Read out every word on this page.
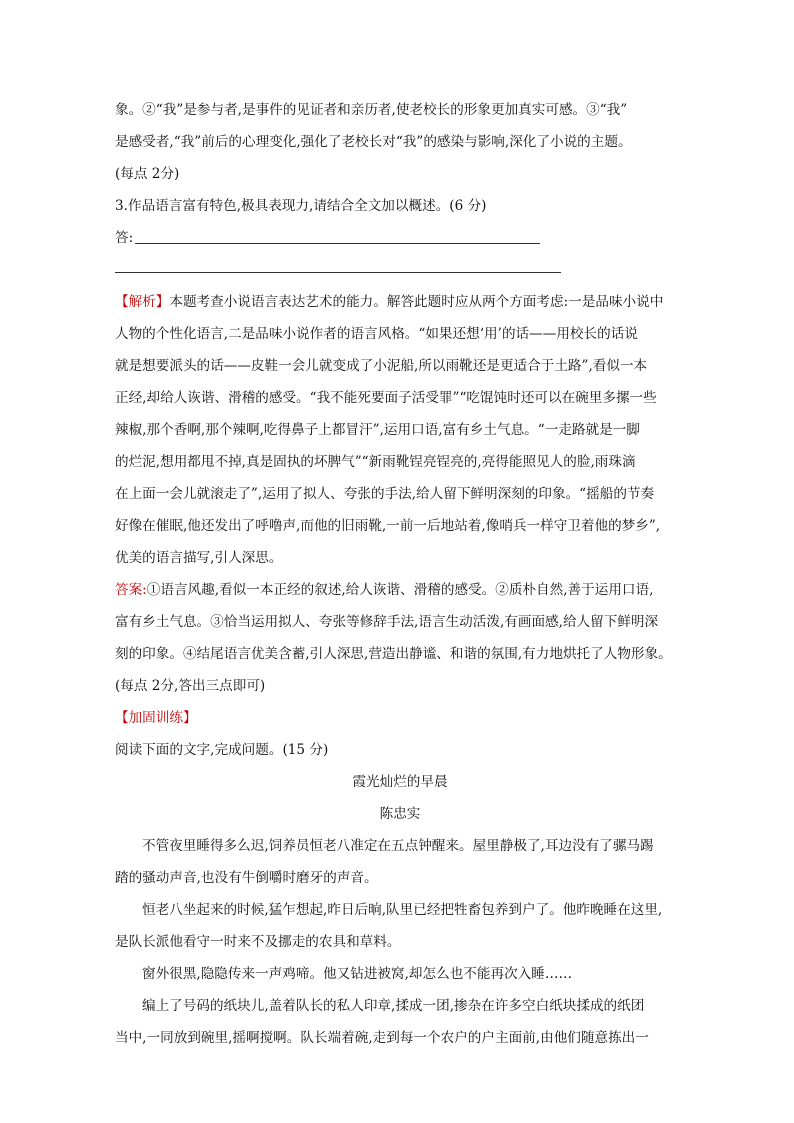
象。②“我”是参与者,是事件的见证者和亲历者,使老校长的形象更加真实可感。③“我”
是感受者,“我”前后的心理变化,强化了老校长对“我”的感染与影响,深化了小说的主题。
(每点 2分)
3.作品语言富有特色,极具表现力,请结合全文加以概述。(6 分)
答:
【解析】本题考查小说语言表达艺术的能力。解答此题时应从两个方面考虑:一是品味小说中
人物的个性化语言,二是品味小说作者的语言风格。“如果还想‘用’的话——用校长的话说
就是想要派头的话——皮鞋一会儿就变成了小泥船,所以雨靴还是更适合于土路”,看似一本
正经,却给人诙谐、滑稽的感受。“我不能死要面子活受罪”“吃馄饨时还可以在碗里多摞一些
辣椒,那个香啊,那个辣啊,吃得鼻子上都冒汗”,运用口语,富有乡土气息。“一走路就是一脚
的烂泥,想用都甩不掉,真是固执的坏脾气”“新雨靴锃亮锃亮的,亮得能照见人的脸,雨珠滴
在上面一会儿就滚走了”,运用了拟人、夸张的手法,给人留下鲜明深刻的印象。“摇船的节奏
好像在催眠,他还发出了呼噜声,而他的旧雨靴,一前一后地站着,像哨兵一样守卫着他的梦乡”,
优美的语言描写,引人深思。
答案:①语言风趣,看似一本正经的叙述,给人诙谐、滑稽的感受。②质朴自然,善于运用口语,
富有乡土气息。③恰当运用拟人、夸张等修辞手法,语言生动活泼,有画面感,给人留下鲜明深
刻的印象。④结尾语言优美含蓄,引人深思,营造出静谧、和谐的氛围,有力地烘托了人物形象。
(每点 2分,答出三点即可)
【加固训练】
阅读下面的文字,完成问题。(15 分)
霞光灿烂的早晨
陈忠实
不管夜里睡得多么迟,饲养员恒老八准定在五点钟醒来。屋里静极了,耳边没有了骡马踢
踏的骚动声音,也没有牛倒嚼时磨牙的声音。
恒老八坐起来的时候,猛乍想起,昨日后晌,队里已经把牲畜包养到户了。他昨晚睡在这里,
是队长派他看守一时来不及挪走的农具和草料。
窗外很黑,隐隐传来一声鸡啼。他又钻进被窝,却怎么也不能再次入睡……
编上了号码的纸块儿,盖着队长的私人印章,揉成一团,掺杂在许多空白纸块揉成的纸团
当中,一同放到碗里,摇啊搅啊。队长端着碗,走到每一个农户的户主面前,由他们随意拣出一
